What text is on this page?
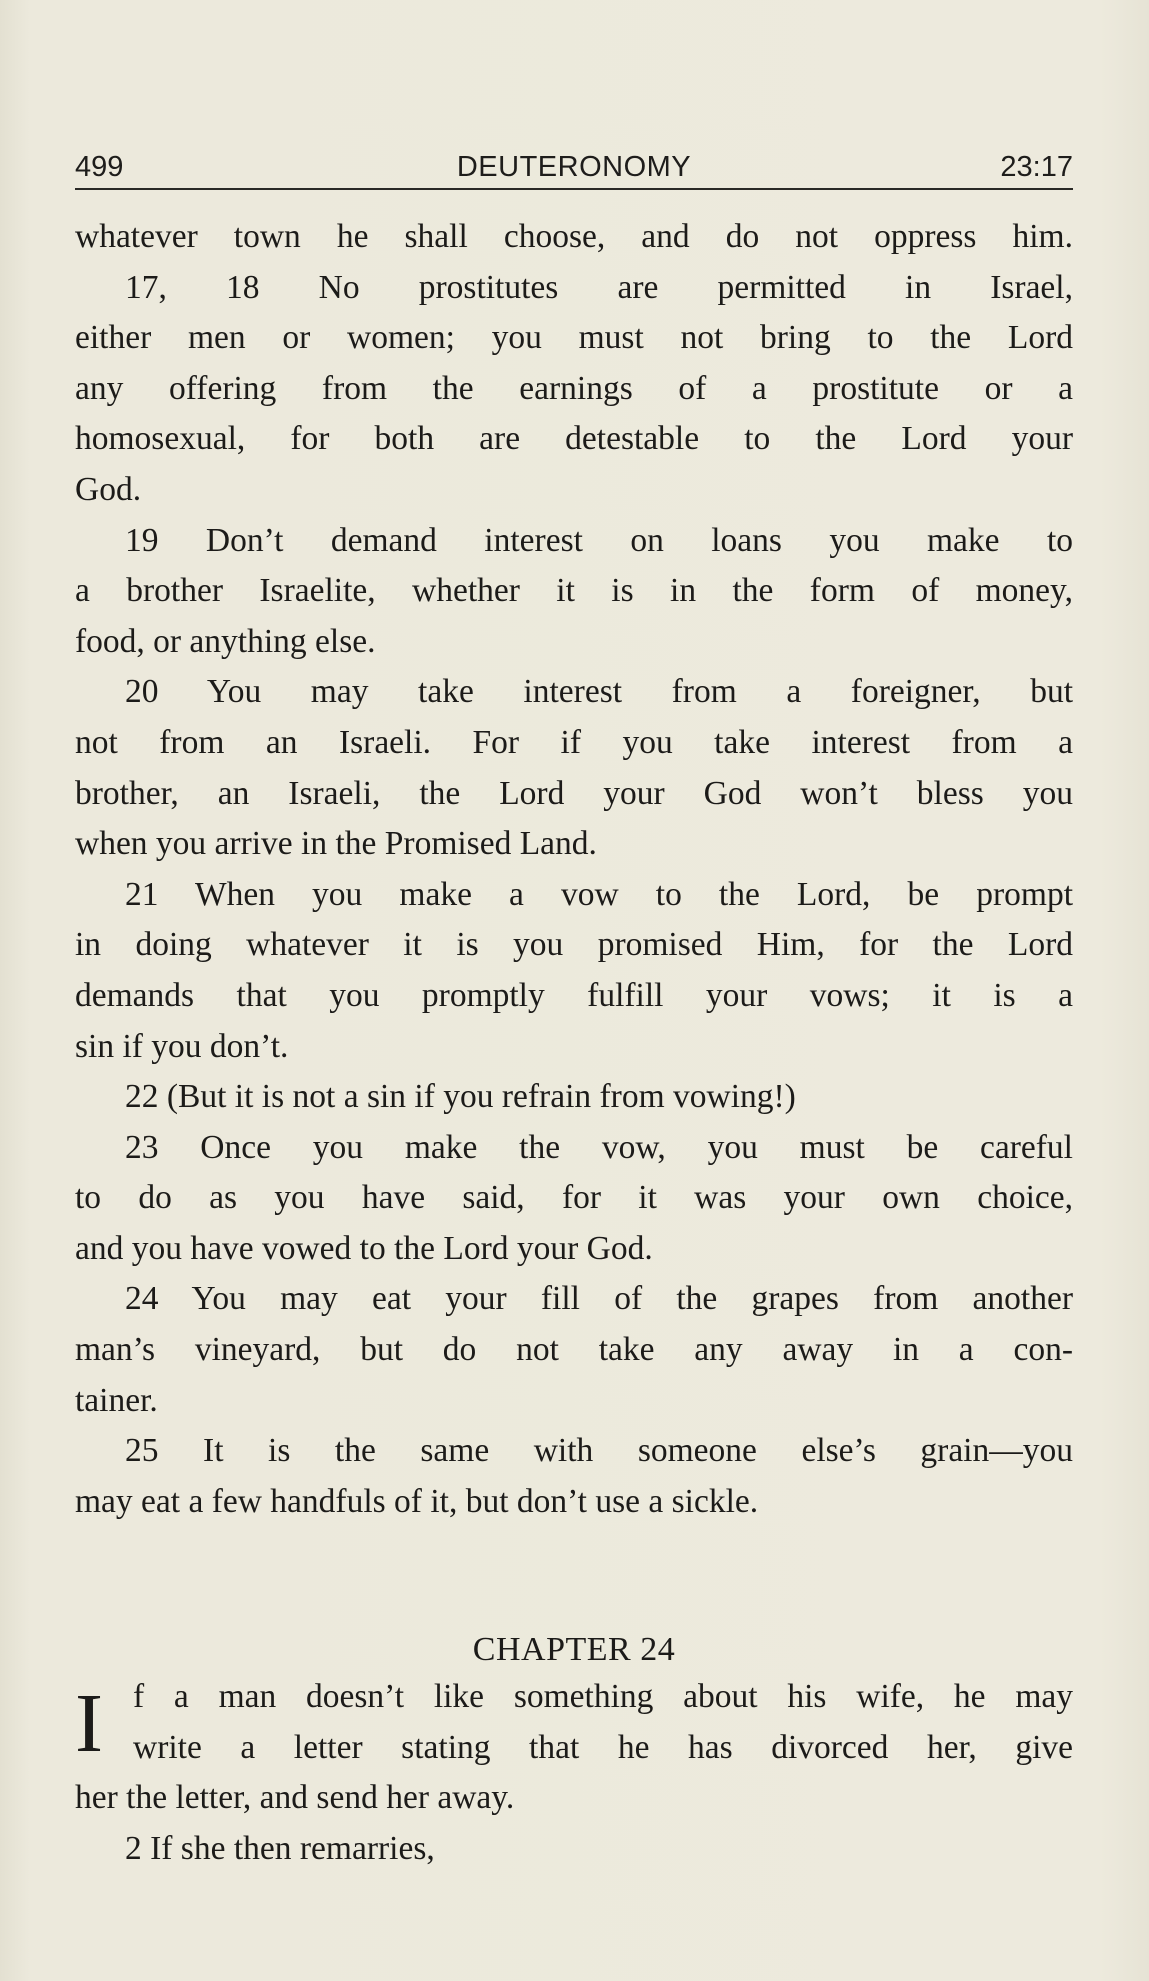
499	DEUTERONOMY	23:17
whatever town he shall choose, and do not oppress him.
17, 18 No prostitutes are permitted in Israel,
either men or women; you must not bring to the Lord
any offering from the earnings of a prostitute or a
homosexual, for both are detestable to the Lord your
God.
19 Don’t demand interest on loans you make to
a brother Israelite, whether it is in the form of money,
food, or anything else.
20 You may take interest from a foreigner, but
not from an Israeli. For if you take interest from a
brother, an Israeli, the Lord your God won’t bless you
when you arrive in the Promised Land.
21 When you make a vow to the Lord, be prompt
in doing whatever it is you promised Him, for the Lord
demands that you promptly fulfill your vows; it is a
sin if you don’t.
22 (But it is not a sin if you refrain from vowing!)
23 Once you make the vow, you must be careful
to do as you have said, for it was your own choice,
and you have vowed to the Lord your God.
24 You may eat your fill of the grapes from another
man’s vineyard, but do not take any away in a con-
tainer.
25 It is the same with someone else’s grain—you
may eat a few handfuls of it, but don’t use a sickle.
CHAPTER 24
I f a man doesn’t like something about his wife, he may
write a letter stating that he has divorced her, give
her the letter, and send her away.
2 If she then remarries,
